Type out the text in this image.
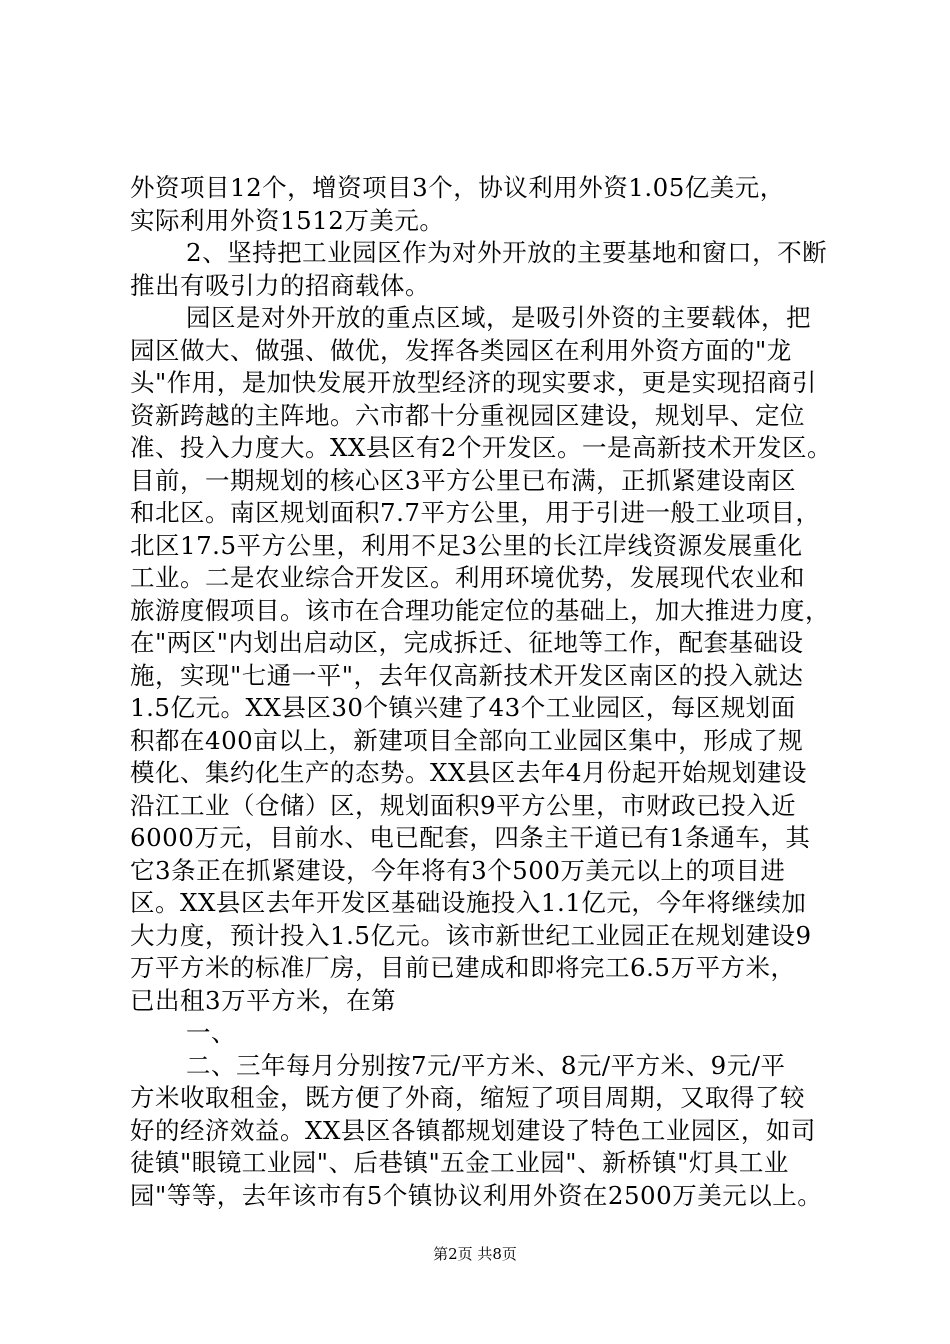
外资项目12个，增资项目3个，协议利用外资1.05亿美元，
实际利用外资1512万美元。
2、坚持把工业园区作为对外开放的主要基地和窗口，不断
推出有吸引力的招商载体。
园区是对外开放的重点区域，是吸引外资的主要载体，把
园区做大、做强、做优，发挥各类园区在利用外资方面的"龙
头"作用，是加快发展开放型经济的现实要求，更是实现招商引
资新跨越的主阵地。六市都十分重视园区建设，规划早、定位
准、投入力度大。XX县区有2个开发区。一是高新技术开发区。
目前，一期规划的核心区3平方公里已布满，正抓紧建设南区
和北区。南区规划面积7.7平方公里，用于引进一般工业项目，
北区17.5平方公里，利用不足3公里的长江岸线资源发展重化
工业。二是农业综合开发区。利用环境优势，发展现代农业和
旅游度假项目。该市在合理功能定位的基础上，加大推进力度，
在"两区"内划出启动区，完成拆迁、征地等工作，配套基础设
施，实现"七通一平"，去年仅高新技术开发区南区的投入就达
1.5亿元。XX县区30个镇兴建了43个工业园区，每区规划面
积都在400亩以上，新建项目全部向工业园区集中，形成了规
模化、集约化生产的态势。XX县区去年4月份起开始规划建设
沿江工业（仓储）区，规划面积9平方公里，市财政已投入近
6000万元，目前水、电已配套，四条主干道已有1条通车，其
它3条正在抓紧建设，今年将有3个500万美元以上的项目进
区。XX县区去年开发区基础设施投入1.1亿元，今年将继续加
大力度，预计投入1.5亿元。该市新世纪工业园正在规划建设9
万平方米的标准厂房，目前已建成和即将完工6.5万平方米，
已出租3万平方米，在第
一、
二、三年每月分别按7元/平方米、8元/平方米、9元/平
方米收取租金，既方便了外商，缩短了项目周期，又取得了较
好的经济效益。XX县区各镇都规划建设了特色工业园区，如司
徒镇"眼镜工业园"、后巷镇"五金工业园"、新桥镇"灯具工业
园"等等，去年该市有5个镇协议利用外资在2500万美元以上。
第2页 共8页
